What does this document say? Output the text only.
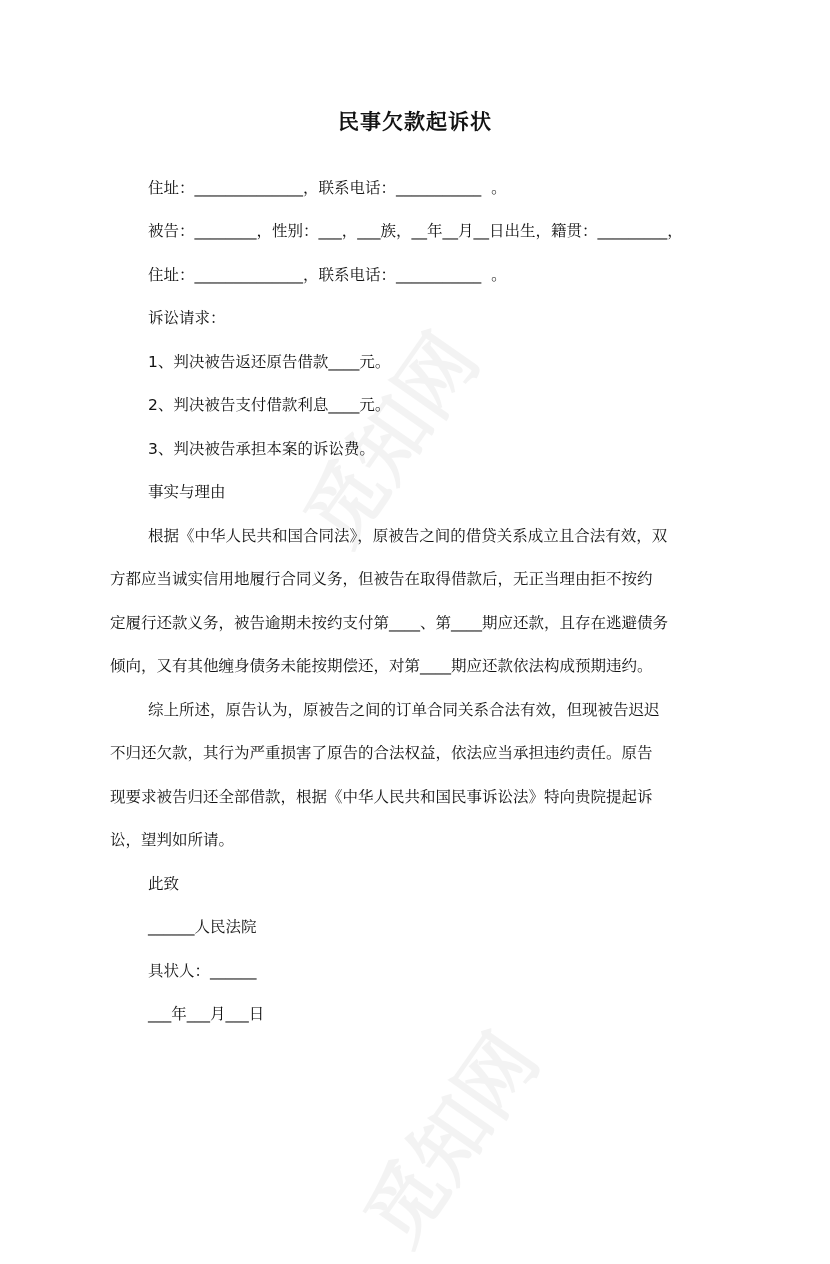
民事欠款起诉状
住址：______________，联系电话：___________  。
被告：________，性别：___，___族，__年__月__日出生，籍贯：_________，
住址：______________，联系电话：___________  。
诉讼请求：
1、判决被告返还原告借款____元。
2、判决被告支付借款利息____元。
3、判决被告承担本案的诉讼费。
事实与理由
根据《中华人民共和国合同法》，原被告之间的借贷关系成立且合法有效，双
方都应当诚实信用地履行合同义务，但被告在取得借款后，无正当理由拒不按约
定履行还款义务，被告逾期未按约支付第____、第____期应还款，且存在逃避债务
倾向，又有其他缠身债务未能按期偿还，对第____期应还款依法构成预期违约。
综上所述，原告认为，原被告之间的订单合同关系合法有效，但现被告迟迟
不归还欠款，其行为严重损害了原告的合法权益，依法应当承担违约责任。原告
现要求被告归还全部借款，根据《中华人民共和国民事诉讼法》特向贵院提起诉
讼，望判如所请。
此致
______人民法院
具状人：______
___年___月___日
